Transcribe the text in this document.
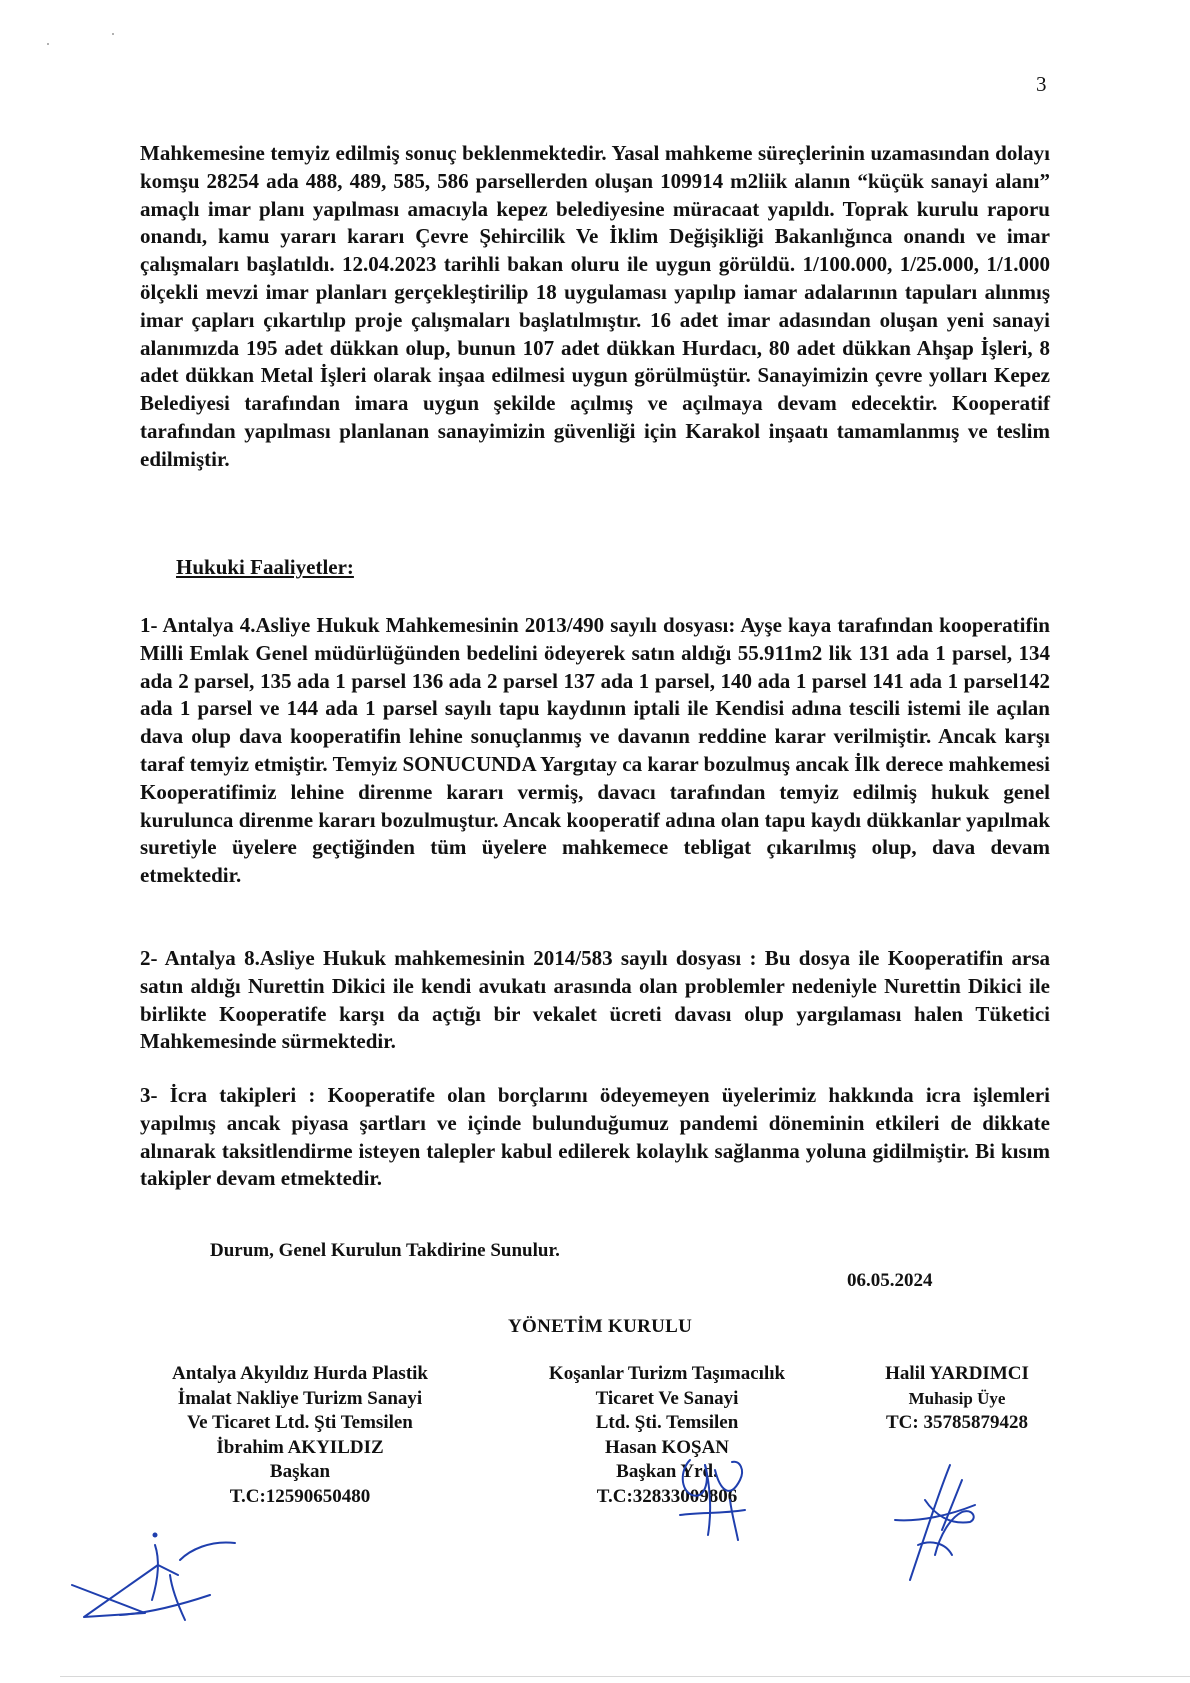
3

Mahkemesine temyiz edilmiş sonuç beklenmektedir. Yasal mahkeme süreçlerinin uzamasından dolayı komşu 28254 ada 488, 489, 585, 586 parsellerden oluşan 109914 m2liik alanın “küçük sanayi alanı” amaçlı imar planı yapılması amacıyla kepez belediyesine müracaat yapıldı. Toprak kurulu raporu onandı, kamu yararı kararı Çevre Şehircilik Ve İklim Değişikliği Bakanlığınca onandı ve imar çalışmaları başlatıldı. 12.04.2023 tarihli bakan oluru ile uygun görüldü. 1/100.000, 1/25.000, 1/1.000 ölçekli mevzi imar planları gerçekleştirilip 18 uygulaması yapılıp iamar adalarının tapuları alınmış imar çapları çıkartılıp proje çalışmaları başlatılmıştır. 16 adet imar adasından oluşan yeni sanayi alanımızda 195 adet dükkan olup, bunun 107 adet dükkan Hurdacı, 80 adet dükkan Ahşap İşleri, 8 adet dükkan Metal İşleri olarak inşaa edilmesi uygun görülmüştür. Sanayimizin çevre yolları Kepez Belediyesi tarafından imara uygun şekilde açılmış ve açılmaya devam edecektir. Kooperatif tarafından yapılması planlanan sanayimizin güvenliği için Karakol inşaatı tamamlanmış ve teslim edilmiştir.

Hukuki Faaliyetler:

1- Antalya 4.Asliye Hukuk Mahkemesinin 2013/490 sayılı dosyası: Ayşe kaya tarafından kooperatifin Milli Emlak Genel müdürlüğünden bedelini ödeyerek satın aldığı 55.911m2 lik 131 ada 1 parsel, 134 ada 2 parsel, 135 ada 1 parsel 136 ada 2 parsel 137 ada 1 parsel, 140 ada 1 parsel 141 ada 1 parsel142 ada 1 parsel ve 144 ada 1 parsel sayılı tapu kaydının iptali ile Kendisi adına tescili istemi ile açılan dava olup dava kooperatifin lehine sonuçlanmış ve davanın reddine karar verilmiştir. Ancak karşı taraf temyiz etmiştir. Temyiz SONUCUNDA Yargıtay ca karar bozulmuş ancak İlk derece mahkemesi Kooperatifimiz lehine direnme kararı vermiş, davacı tarafından temyiz edilmiş hukuk genel kurulunca direnme kararı bozulmuştur. Ancak kooperatif adına olan tapu kaydı dükkanlar yapılmak suretiyle üyelere geçtiğinden tüm üyelere mahkemece tebligat çıkarılmış olup, dava devam etmektedir.

2- Antalya 8.Asliye Hukuk mahkemesinin 2014/583 sayılı dosyası : Bu dosya ile Kooperatifin arsa satın aldığı Nurettin Dikici ile kendi avukatı arasında olan problemler nedeniyle Nurettin Dikici ile birlikte Kooperatife karşı da açtığı bir vekalet ücreti davası olup yargılaması halen Tüketici Mahkemesinde sürmektedir.

3- İcra takipleri : Kooperatife olan borçlarını ödeyemeyen üyelerimiz hakkında icra işlemleri yapılmış ancak piyasa şartları ve içinde bulunduğumuz pandemi döneminin etkileri de dikkate alınarak taksitlendirme isteyen talepler kabul edilerek kolaylık sağlanma yoluna gidilmiştir. Bi kısım takipler devam etmektedir.

Durum, Genel Kurulun Takdirine Sunulur.
06.05.2024
YÖNETİM KURULU
Antalya Akyıldız Hurda Plastik
İmalat Nakliye Turizm Sanayi
Ve Ticaret Ltd. Şti Temsilen
İbrahim AKYILDIZ
Başkan
T.C:12590650480
Koşanlar Turizm Taşımacılık
Ticaret Ve Sanayi
Ltd. Şti. Temsilen
Hasan KOŞAN
Başkan Yrd.
T.C:32833009806
Halil YARDIMCI
Muhasip Üye
TC: 35785879428
